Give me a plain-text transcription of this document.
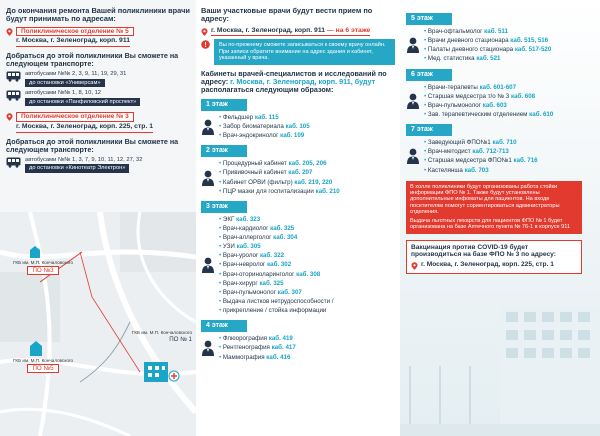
До окончания ремонта Вашей поликлиники врачи будут принимать по адресам:
Поликлиническое отделение № 5
г. Москва, г. Зеленоград, корп. 911
Добраться до этой поликлиники Вы сможете на следующем транспорте:
автобусами №№ 2, 3, 9, 11, 19, 29, 31
до остановки «Универсам»
автобусами №№ 1, 8, 10, 12
до остановки «Панфиловский проспект»
Поликлиническое отделение № 3
г. Москва, г. Зеленоград, корп. 225, стр. 1
Добраться до этой поликлиники Вы сможете на следующем транспорте:
автобусами №№ 1, 3, 7, 9, 10, 11, 12, 27, 32
до остановки «Кинотеатр Электрон»
ГКБ им. М.П. Кончаловского
ПО №3
ГКБ им. М.П. Кончаловского
ПО № 1
ГКБ им. М.П. Кончаловского
ПО №5
Ваши участковые врачи будут вести прием по адресу:
г. Москва, г. Зеленоград, корп. 911 — на 6 этаже
Вы по-прежнему сможете записываться к своему врачу онлайн. При записи обратите внимание на адрес здания и кабинет, указанный у врача.
Кабинеты врачей-специалистов и исследований по адресу: г. Москва, г. Зеленоград, корп. 911, будут располагаться следующим образом:
1 этаж
• Фельдшер каб. 115
• Забор биоматериала каб. 105
• Врач-эндокринолог каб. 109
2 этаж
• Процедурный кабинет каб. 205, 206
• Прививочный кабинет каб. 207
• Кабинет ОРВИ (фильтр) каб. 219, 220
• ПЦР мазки для госпитализации каб. 210
3 этаж
• ЭКГ каб. 323
• Врач-кардиолог каб. 325
• Врач-аллерголог каб. 304
• УЗИ каб. 305
• Врач-уролог каб. 322
• Врач-невролог каб. 302
• Врач-оториноларинголог каб. 308
• Врач-хирург каб. 325
• Врач-пульмонолог каб. 307
• Выдача листков нетрудоспособности /
• прикрепление / стойка информации
4 этаж
• Флюорография каб. 419
• Рентгенография каб. 417
• Маммография каб. 416
5 этаж
• Врач-офтальмолог каб. 511
• Врачи дневного стационара каб. 515, 516
• Палаты дневного стационара каб. 517-520
• Мед. статистика каб. 521
6 этаж
• Врачи-терапевты каб. 601-607
• Старшая медсестра т/о № 3 каб. 608
• Врач-пульмонолог каб. 603
• Зав. терапевтическим отделением каб. 610
7 этаж
• Заведующий ФПО№1 каб. 710
• Врач-методист каб. 712-713
• Старшая медсестра ФПО№1 каб. 716
• Кастелянша каб. 703

В холле поликлиники будут организованы работа стойки информации ФПО № 1. Также будут установлены дополнительные инфоматы для пациентов. На входе посетителям помогут сориентироваться администраторы отделения.

Выдача льготных лекарств для пациентов ФПО № 1 будет организована на базе Аптечного пункта № 76-1 в корпусе 911

Вакцинация против COVID-19 будет производиться на базе ФПО № 3 по адресу:
г. Москва, г. Зеленоград, корп. 225, стр. 1
